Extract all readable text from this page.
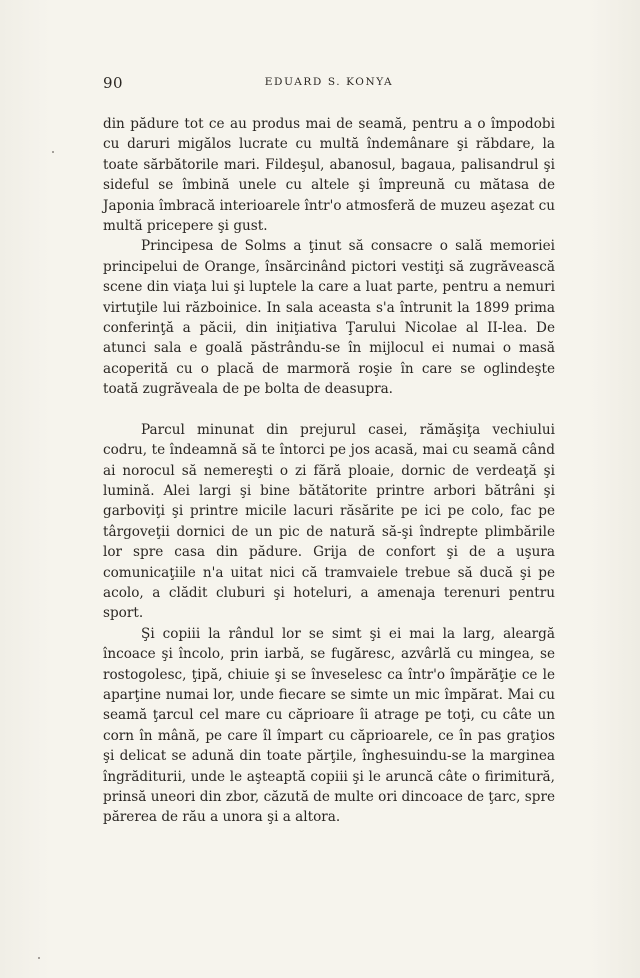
90	EDUARD S. KONYA

din pădure tot ce au produs mai de seamă, pentru a o împodobi cu daruri migălos lucrate cu multă îndemânare şi răbdare, la toate sărbătorile mari. Fildeşul, abanosul, bagaua, palisandrul şi sideful se îmbină unele cu altele şi împreună cu mătasa de Japonia îmbracă interioarele într'o atmosferă de muzeu aşezat cu multă pricepere şi gust.

Principesa de Solms a ţinut să consacre o sală memoriei principelui de Orange, însărcinând pictori vestiţi să zugrăvească scene din viaţa lui şi luptele la care a luat parte, pentru a nemuri virtuţile lui războinice. In sala aceasta s'a întrunit la 1899 prima conferinţă a păcii, din iniţiativa Ţarului Nicolae al II-lea. De atunci sala e goală păstrându-se în mijlocul ei numai o masă acoperită cu o placă de marmoră roşie în care se oglindeşte toată zugrăveala de pe bolta de deasupra.

Parcul minunat din prejurul casei, rămăşiţa vechiului codru, te îndeamnă să te întorci pe jos acasă, mai cu seamă când ai norocul să nemereşti o zi fără ploaie, dornic de verdeaţă şi lumină. Alei largi şi bine bătătorite printre arbori bătrâni şi garboviţi şi printre micile lacuri răsărite pe ici pe colo, fac pe târgoveţii dornici de un pic de natură să-şi îndrepte plimbările lor spre casa din pădure. Grija de confort şi de a uşura comunicaţiile n'a uitat nici că tramvaiele trebue să ducă şi pe acolo, a clădit cluburi şi hoteluri, a amenaja terenuri pentru sport.

Şi copiii la rândul lor se simt şi ei mai la larg, aleargă încoace şi încolo, prin iarbă, se fugăresc, azvârlă cu mingea, se rostogolesc, ţipă, chiuie şi se înveselesc ca într'o împărăţie ce le aparţine numai lor, unde fiecare se simte un mic împărat. Mai cu seamă ţarcul cel mare cu căprioare îi atrage pe toţi, cu câte un corn în mână, pe care îl împart cu căprioarele, ce în pas graţios şi delicat se adună din toate părţile, înghesuindu-se la marginea îngrăditurii, unde le aşteaptă copiii şi le aruncă câte o firimitură, prinsă uneori din zbor, căzută de multe ori dincoace de ţarc, spre părerea de rău a unora şi a altora.
